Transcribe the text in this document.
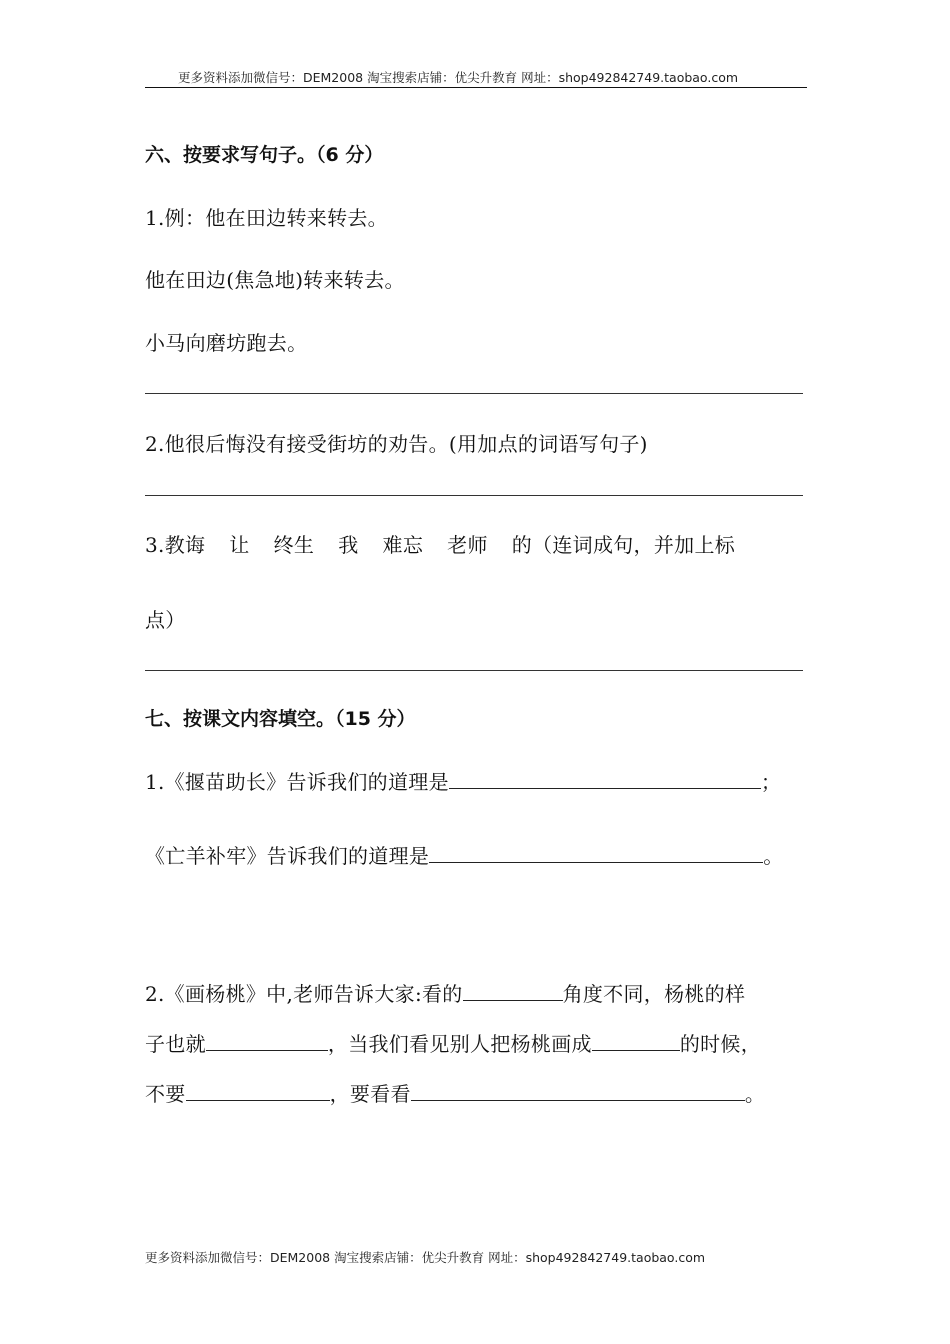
更多资料添加微信号：DEM2008 淘宝搜索店铺：优尖升教育 网址：shop492842749.taobao.com
六、按要求写句子。（6 分）
1.例：他在田边转来转去。
他在田边(焦急地)转来转去。
小马向磨坊跑去。
2.他很后悔没有接受街坊的劝告。(用加点的词语写句子)
3.教诲 让 终生 我 难忘 老师 的（连词成句，并加上标
点）
七、按课文内容填空。（15 分）
1.《揠苗助长》告诉我们的道理是	；
《亡羊补牢》告诉我们的道理是	。
2.《画杨桃》中,老师告诉大家:看的	角度不同，杨桃的样
子也就	，当我们看见别人把杨桃画成	的时候，
不要	，要看看	。
更多资料添加微信号：DEM2008 淘宝搜索店铺：优尖升教育 网址：shop492842749.taobao.com
